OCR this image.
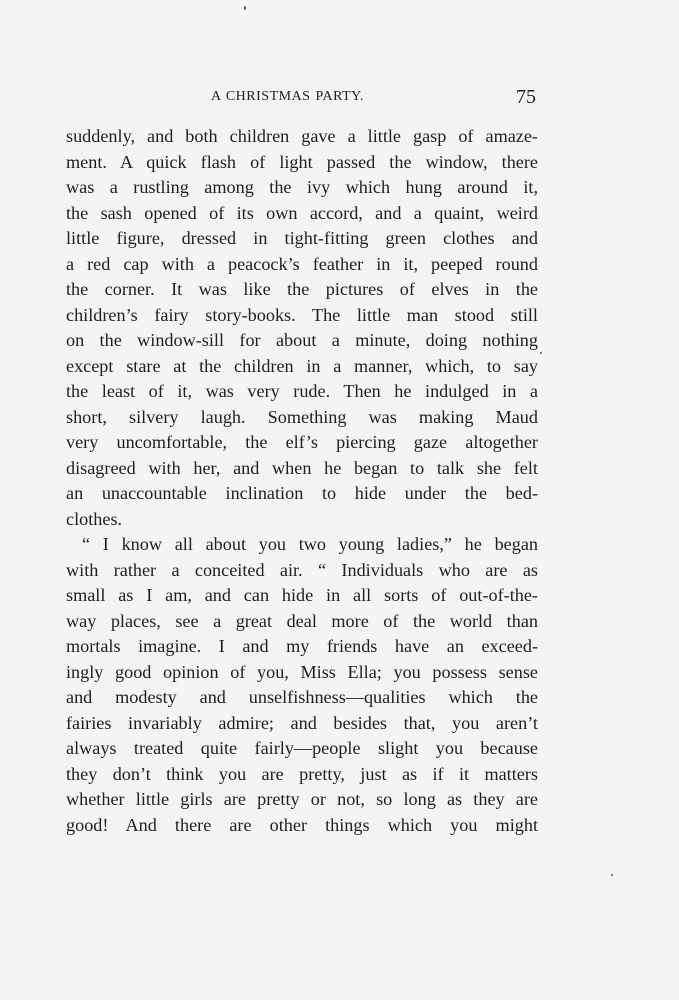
A CHRISTMAS PARTY.	75
suddenly, and both children gave a little gasp of amaze-
ment. A quick flash of light passed the window, there
was a rustling among the ivy which hung around it,
the sash opened of its own accord, and a quaint, weird
little figure, dressed in tight-fitting green clothes and
a red cap with a peacock’s feather in it, peeped round
the corner. It was like the pictures of elves in the
children’s fairy story-books. The little man stood still
on the window-sill for about a minute, doing nothing
except stare at the children in a manner, which, to say
the least of it, was very rude. Then he indulged in a
short, silvery laugh. Something was making Maud
very uncomfortable, the elf’s piercing gaze altogether
disagreed with her, and when he began to talk she felt
an unaccountable inclination to hide under the bed-
clothes.
“ I know all about you two young ladies,” he began
with rather a conceited air. “ Individuals who are as
small as I am, and can hide in all sorts of out-of-the-
way places, see a great deal more of the world than
mortals imagine. I and my friends have an exceed-
ingly good opinion of you, Miss Ella; you possess sense
and modesty and unselfishness—qualities which the
fairies invariably admire; and besides that, you aren’t
always treated quite fairly—people slight you because
they don’t think you are pretty, just as if it matters
whether little girls are pretty or not, so long as they are
good! And there are other things which you might
